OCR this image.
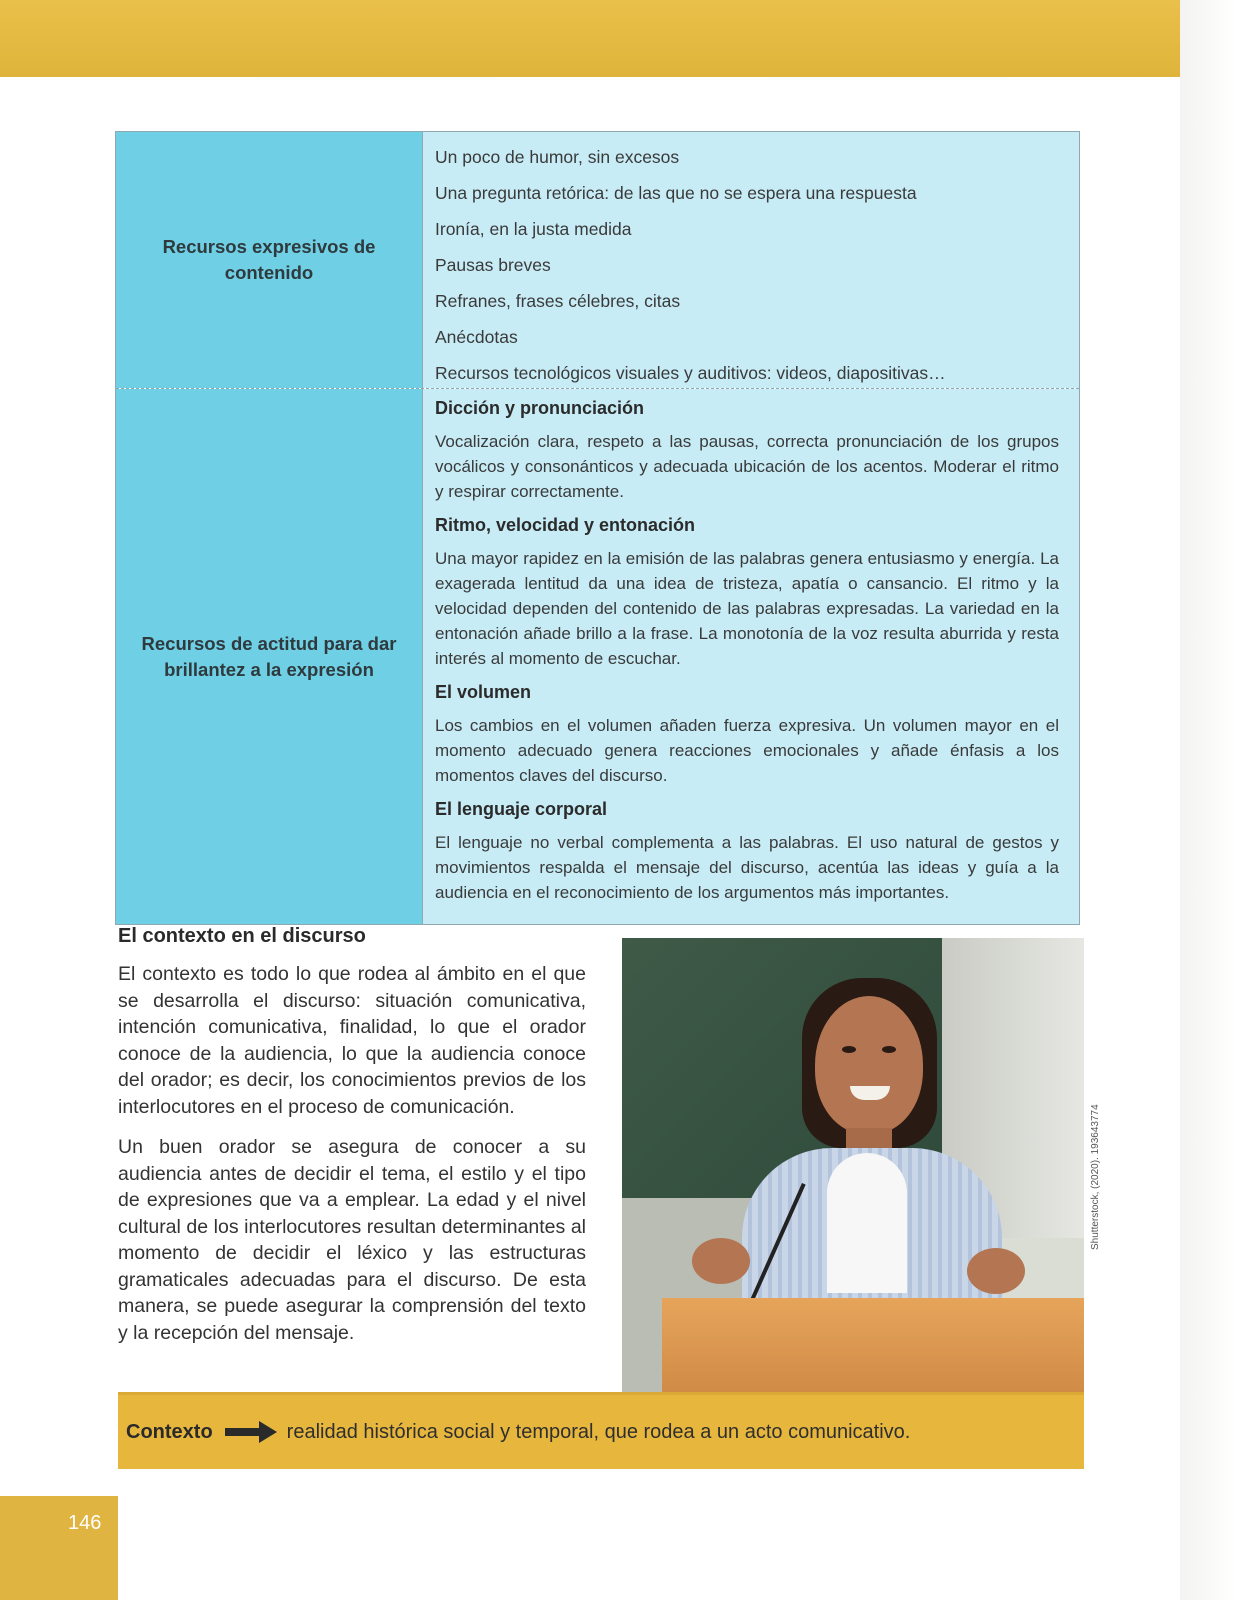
Recursos expresivos de contenido
Un poco de humor, sin excesos
Una pregunta retórica: de las que no se espera una respuesta
Ironía, en la justa medida
Pausas breves
Refranes, frases célebres, citas
Anécdotas
Recursos tecnológicos visuales y auditivos: videos, diapositivas…
Recursos de actitud para dar brillantez a la expresión
Dicción y pronunciación
Vocalización clara, respeto a las pausas, correcta pronunciación de los grupos vocálicos y consonánticos y adecuada ubicación de los acentos. Moderar el ritmo y respirar correctamente.
Ritmo, velocidad y entonación
Una mayor rapidez en la emisión de las palabras genera entusiasmo y energía. La exagerada lentitud da una idea de tristeza, apatía o cansancio. El ritmo y la velocidad dependen del contenido de las palabras expresadas. La variedad en la entonación añade brillo a la frase. La monotonía de la voz resulta aburrida y resta interés al momento de escuchar.
El volumen
Los cambios en el volumen añaden fuerza expresiva. Un volumen mayor en el momento adecuado genera reacciones emocionales y añade énfasis a los momentos claves del discurso.
El lenguaje corporal
El lenguaje no verbal complementa a las palabras. El uso natural de gestos y movimientos respalda el mensaje del discurso, acentúa las ideas y guía a la audiencia en el reconocimiento de los argumentos más importantes.
El contexto en el discurso

El contexto es todo lo que rodea al ámbito en el que se desarrolla el discurso: situación comunicativa, intención comunicativa, finalidad, lo que el orador conoce de la audiencia, lo que la audiencia conoce del orador; es decir, los conocimientos previos de los interlocutores en el proceso de comunicación.

Un buen orador se asegura de conocer a su audiencia antes de decidir el tema, el estilo y el tipo de expresiones que va a emplear. La edad y el nivel cultural de los interlocutores resultan determinantes al momento de decidir el léxico y las estructuras gramaticales adecuadas para el discurso. De esta manera, se puede asegurar la comprensión del texto y la recepción del mensaje.

Shutterstock, (2020). 193643774
Contexto	realidad histórica social y temporal, que rodea a un acto comunicativo.
146
